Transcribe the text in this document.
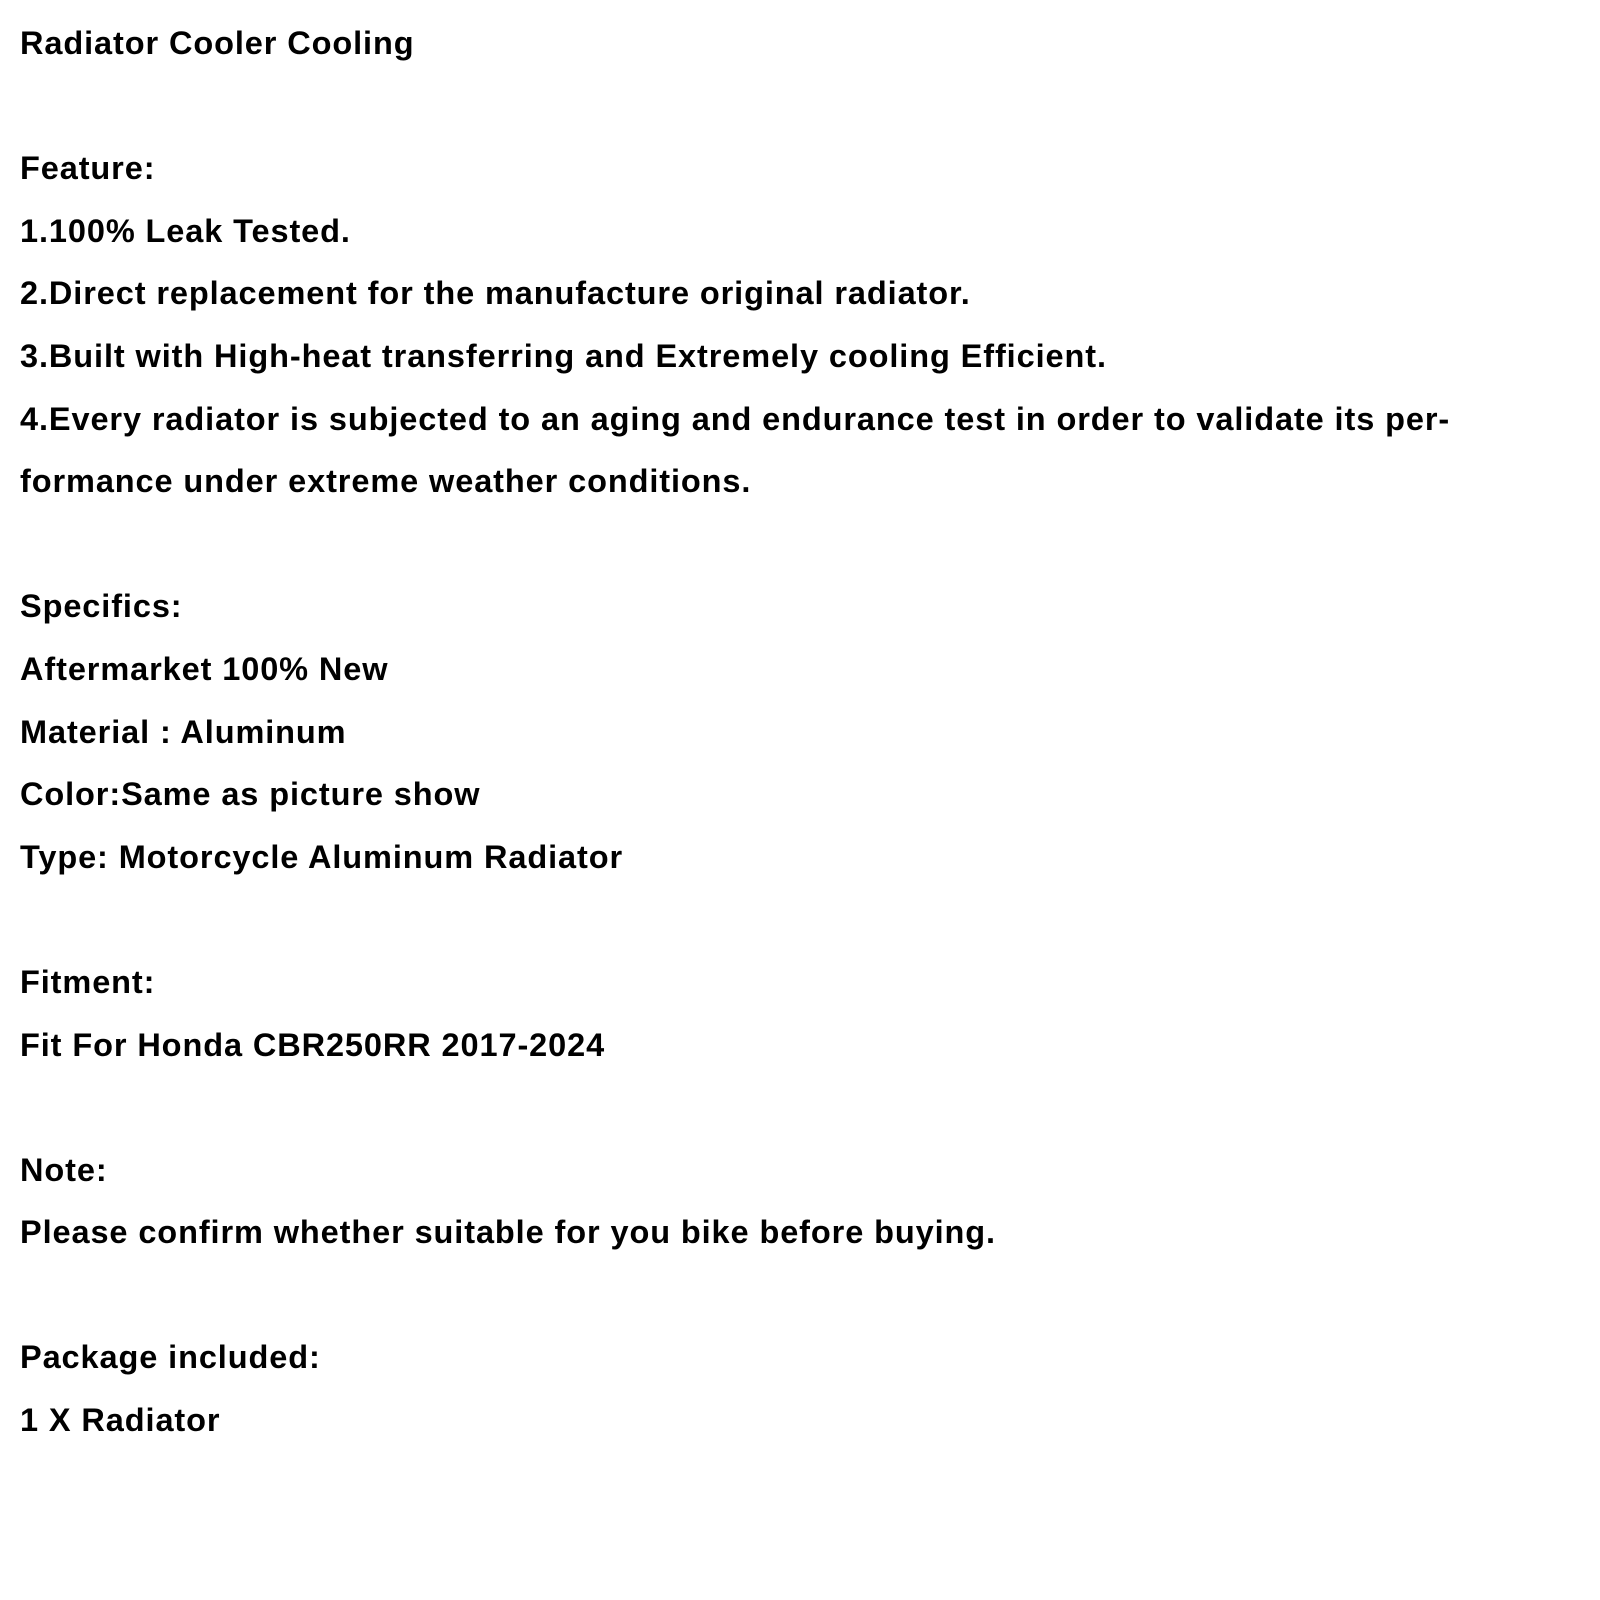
Radiator Cooler Cooling
Feature:
1.100% Leak Tested.
2.Direct replacement for the manufacture original radiator.
3.Built with High-heat transferring and Extremely cooling Efficient.
4.Every radiator is subjected to an aging and endurance test in order to validate its per-
formance under extreme weather conditions.
Specifics:
Aftermarket 100% New
Material : Aluminum
Color:Same as picture show
Type: Motorcycle Aluminum Radiator
Fitment:
Fit For Honda CBR250RR 2017-2024
Note:
Please confirm whether suitable for you bike before buying.
Package included:
1 X Radiator
